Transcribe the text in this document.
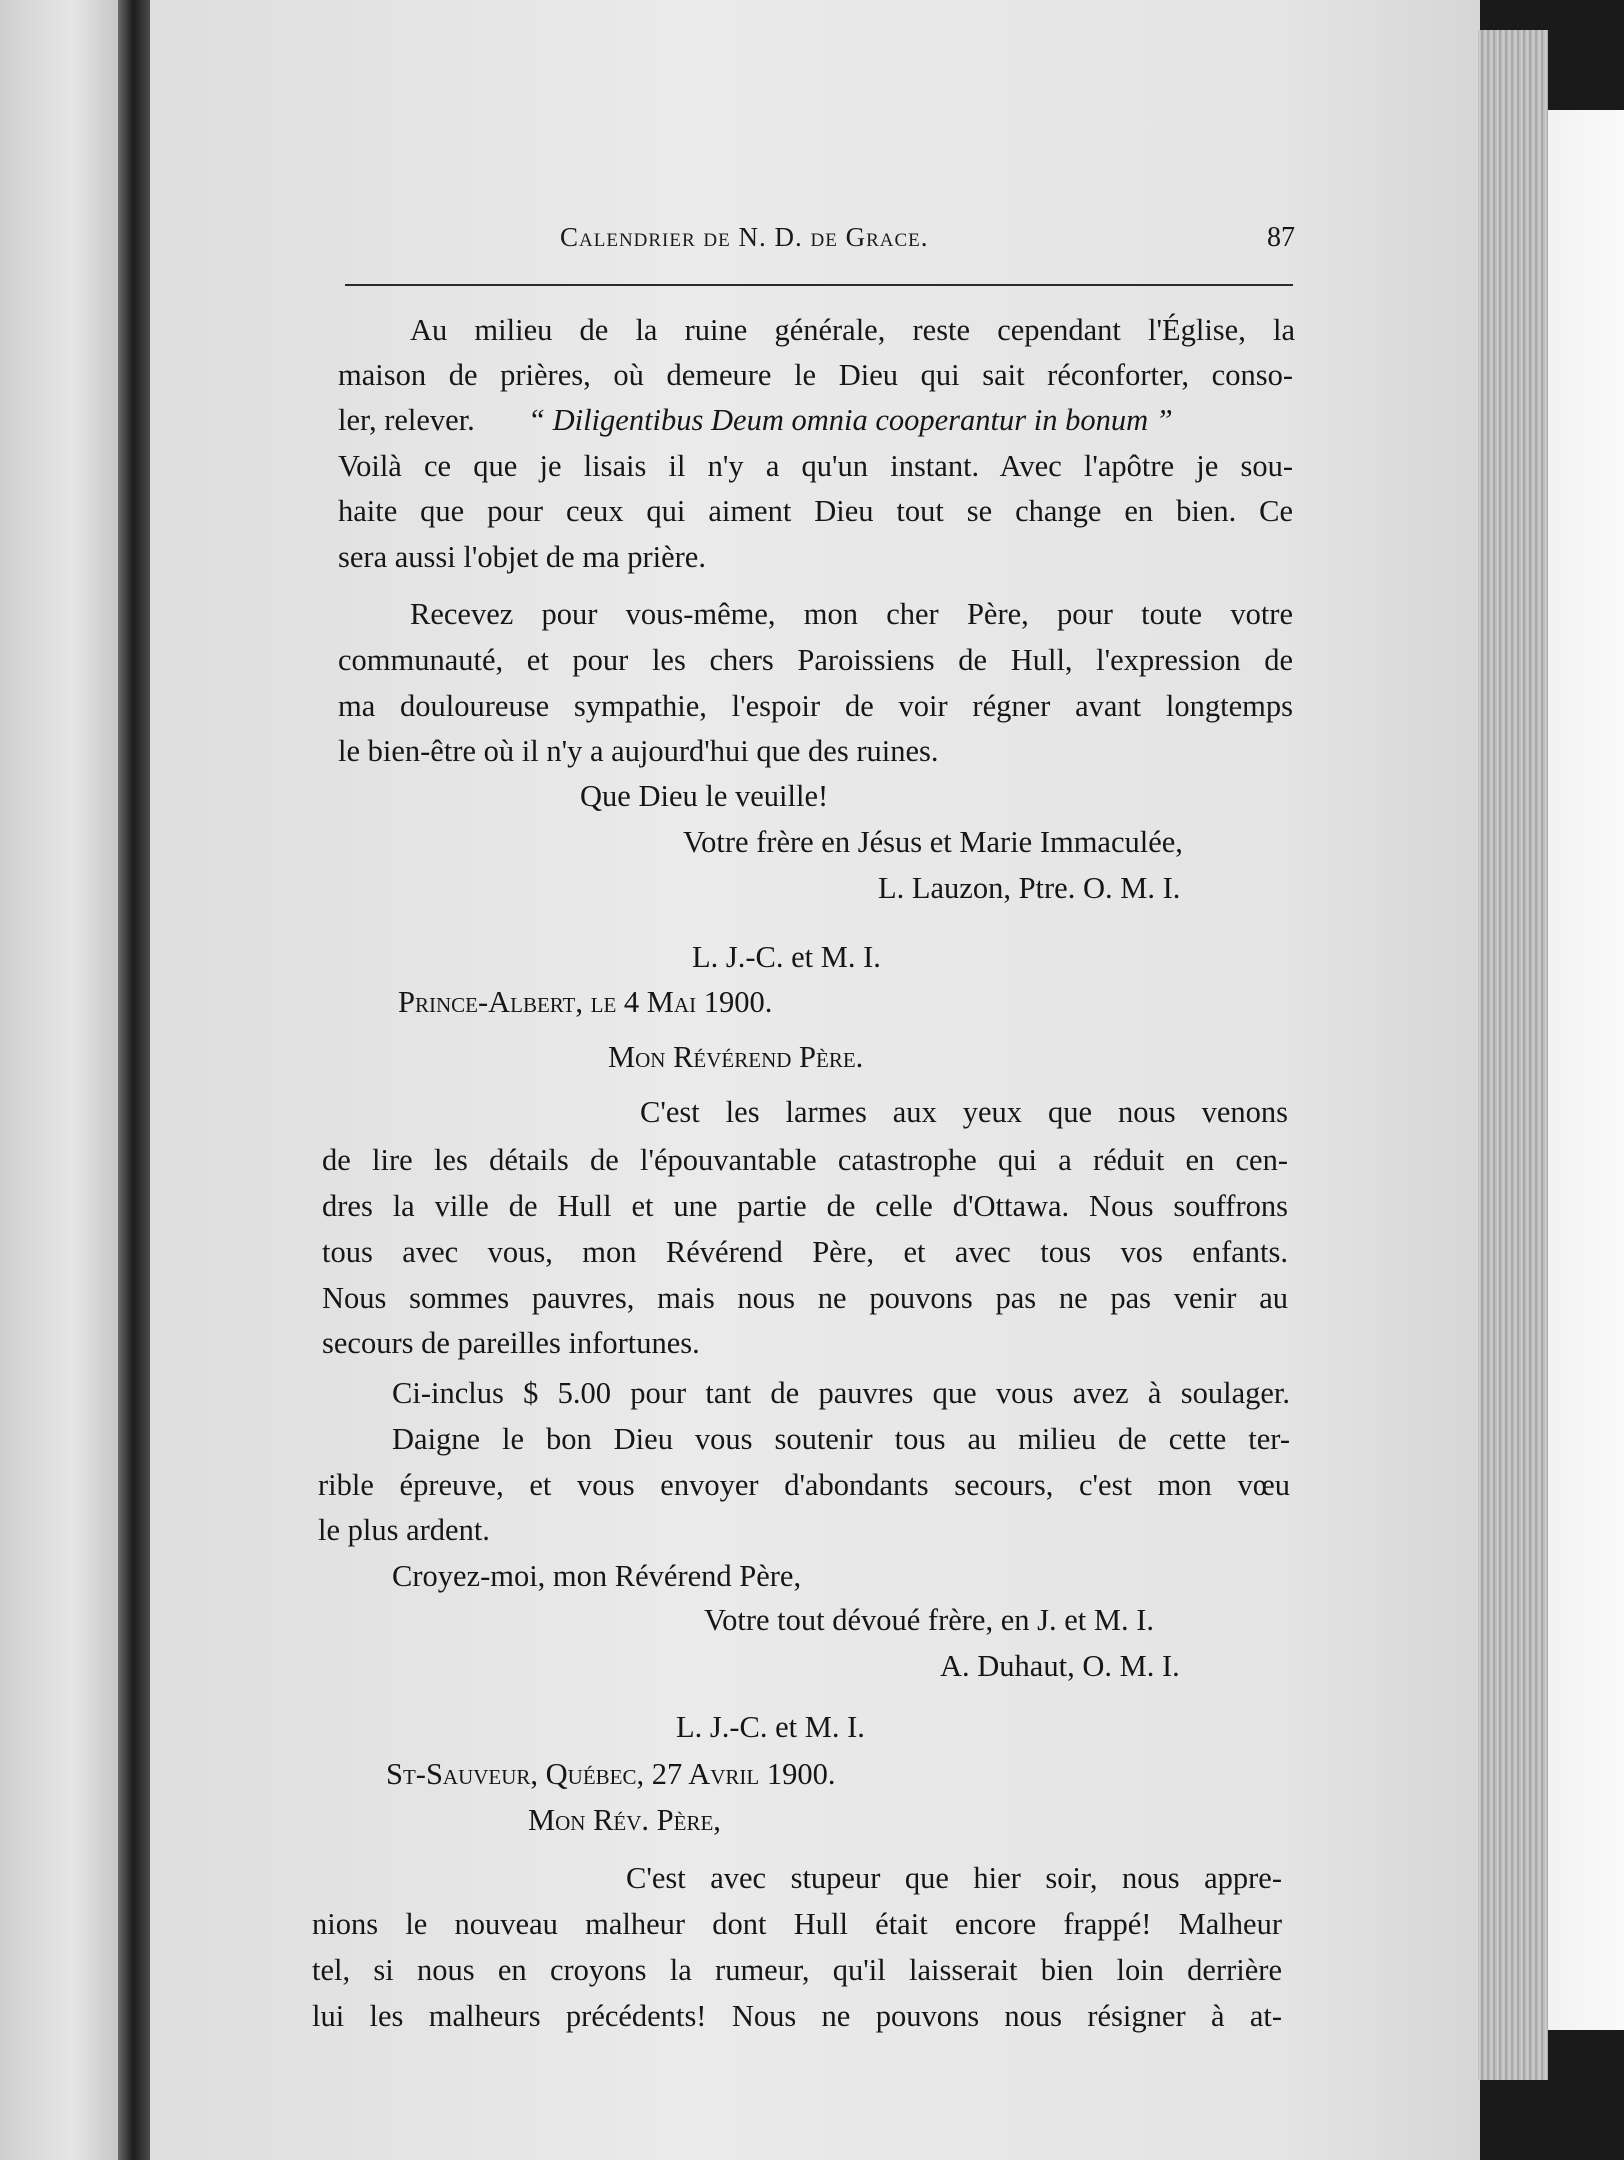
Calendrier de N. D. de Grace.	87
Au milieu de la ruine générale, reste cependant l'Église, la
maison de prières, où demeure le Dieu qui sait réconforter, conso-
ler, relever. “ Diligentibus Deum omnia cooperantur in bonum ”
Voilà ce que je lisais il n'y a qu'un instant. Avec l'apôtre je sou-
haite que pour ceux qui aiment Dieu tout se change en bien. Ce
sera aussi l'objet de ma prière.
Recevez pour vous-même, mon cher Père, pour toute votre
communauté, et pour les chers Paroissiens de Hull, l'expression de
ma douloureuse sympathie, l'espoir de voir régner avant longtemps
le bien-être où il n'y a aujourd'hui que des ruines.
Que Dieu le veuille!
Votre frère en Jésus et Marie Immaculée,
L. Lauzon, Ptre. O. M. I.
L. J.-C. et M. I.
Prince-Albert, le 4 Mai 1900.
Mon Révérend Père.
C'est les larmes aux yeux que nous venons
de lire les détails de l'épouvantable catastrophe qui a réduit en cen-
dres la ville de Hull et une partie de celle d'Ottawa. Nous souffrons
tous avec vous, mon Révérend Père, et avec tous vos enfants.
Nous sommes pauvres, mais nous ne pouvons pas ne pas venir au
secours de pareilles infortunes.
Ci-inclus $ 5.00 pour tant de pauvres que vous avez à soulager.
Daigne le bon Dieu vous soutenir tous au milieu de cette ter-
rible épreuve, et vous envoyer d'abondants secours, c'est mon vœu
le plus ardent.
Croyez-moi, mon Révérend Père,
Votre tout dévoué frère, en J. et M. I.
A. Duhaut, O. M. I.
L. J.-C. et M. I.
St-Sauveur, Québec, 27 Avril 1900.
Mon Rév. Père,
C'est avec stupeur que hier soir, nous appre-
nions le nouveau malheur dont Hull était encore frappé! Malheur
tel, si nous en croyons la rumeur, qu'il laisserait bien loin derrière
lui les malheurs précédents! Nous ne pouvons nous résigner à at-
